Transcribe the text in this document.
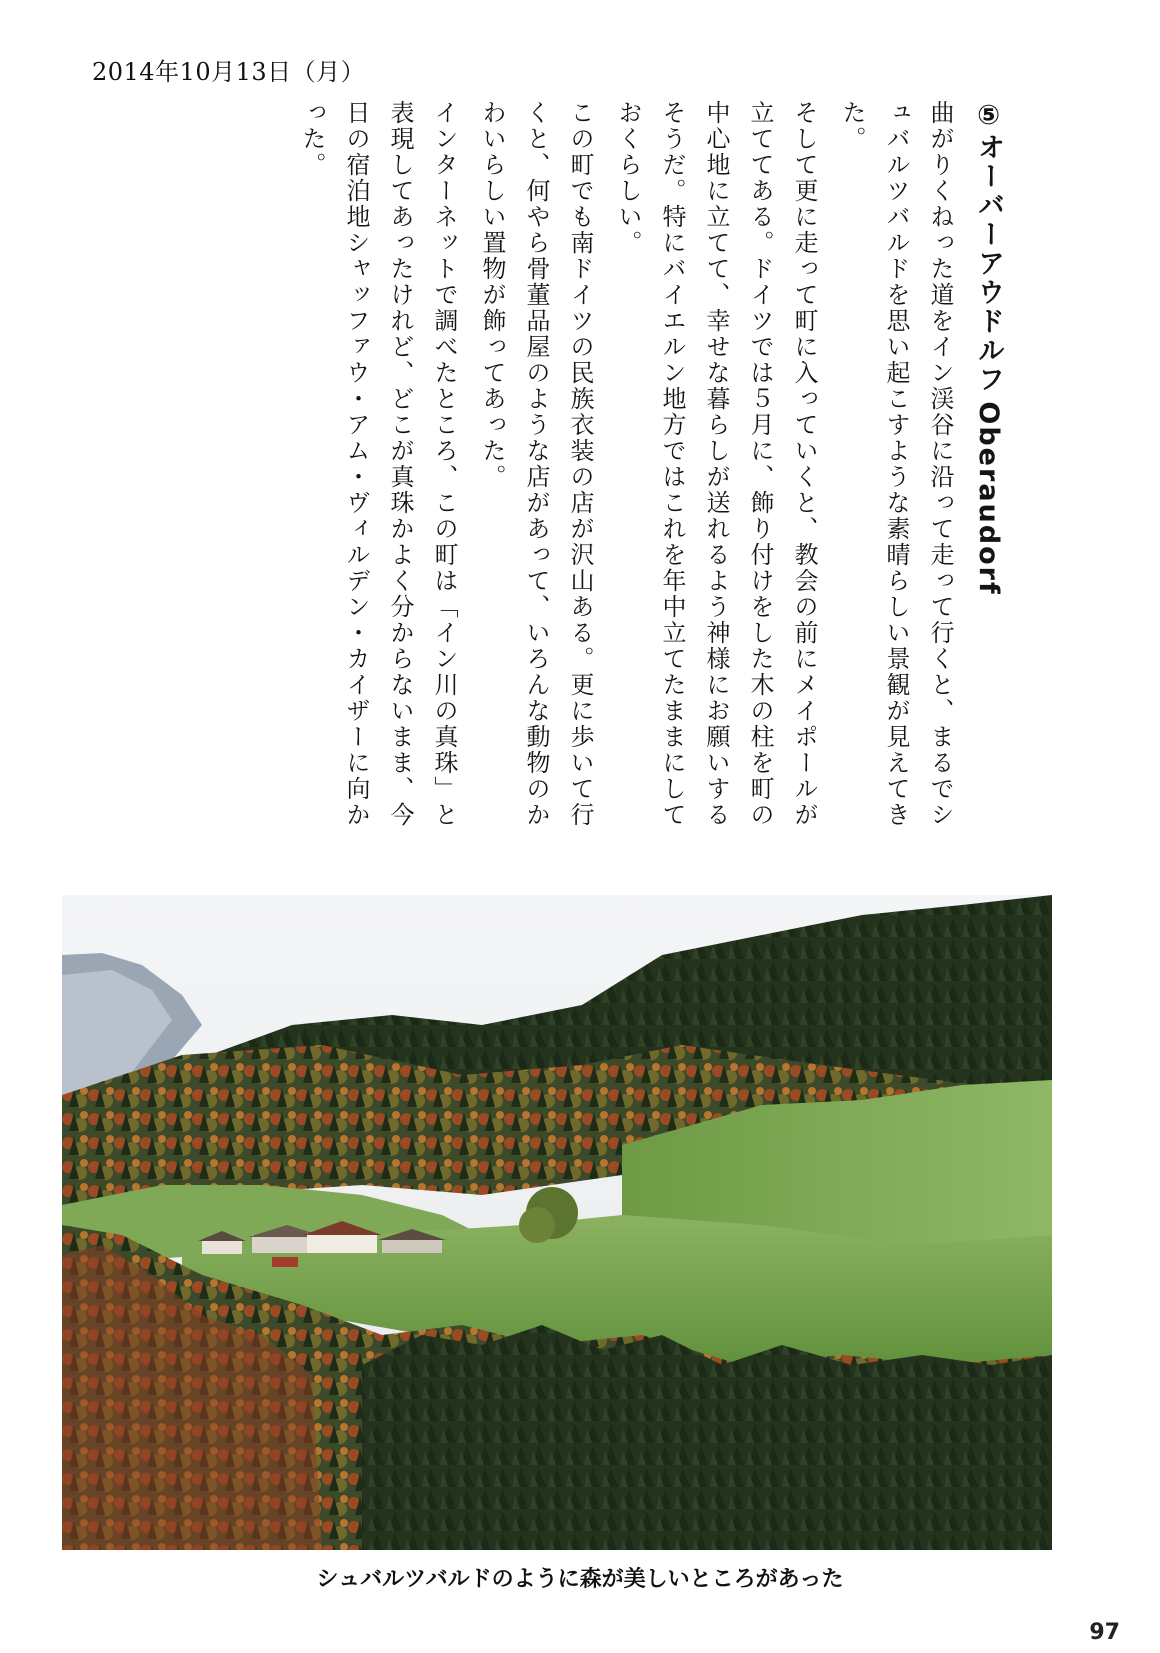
2014年10月13日（月）

⑤オーバーアウドルフ Oberaudorf

曲がりくねった道をイン渓谷に沿って走って行くと、まるでシュバルツバルドを思い起こすような素晴らしい景観が見えてきた。

そして更に走って町に入っていくと、教会の前にメイポールが立ててある。ドイツでは５月に、飾り付けをした木の柱を町の中心地に立てて、幸せな暮らしが送れるよう神様にお願いするそうだ。特にバイエルン地方ではこれを年中立てたままにしておくらしい。

この町でも南ドイツの民族衣装の店が沢山ある。更に歩いて行くと、何やら骨董品屋のような店があって、いろんな動物のかわいらしい置物が飾ってあった。

インターネットで調べたところ、この町は「イン川の真珠」と表現してあったけれど、どこが真珠かよく分からないまま、今日の宿泊地シャッファウ・アム・ヴィルデン・カイザーに向かった。

シュバルツバルドのように森が美しいところがあった
97
